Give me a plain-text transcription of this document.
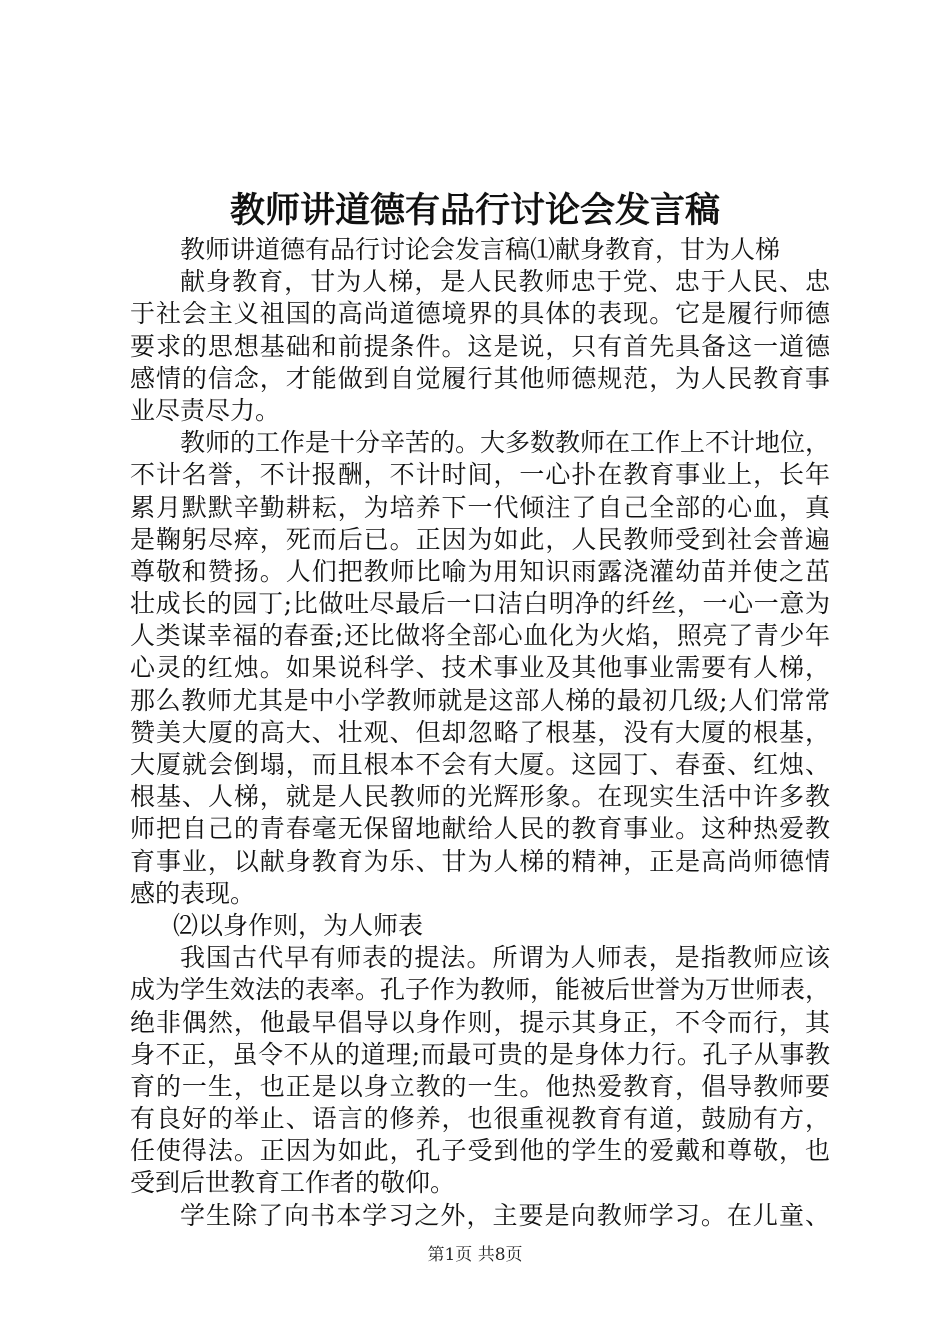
教师讲道德有品行讨论会发言稿
教师讲道德有品行讨论会发言稿⑴献身教育，甘为人梯
献身教育，甘为人梯，是人民教师忠于党、忠于人民、忠
于社会主义祖国的高尚道德境界的具体的表现。它是履行师德
要求的思想基础和前提条件。这是说，只有首先具备这一道德
感情的信念，才能做到自觉履行其他师德规范，为人民教育事
业尽责尽力。
教师的工作是十分辛苦的。大多数教师在工作上不计地位，
不计名誉，不计报酬，不计时间，一心扑在教育事业上，长年
累月默默辛勤耕耘，为培养下一代倾注了自己全部的心血，真
是鞠躬尽瘁，死而后已。正因为如此，人民教师受到社会普遍
尊敬和赞扬。人们把教师比喻为用知识雨露浇灌幼苗并使之茁
壮成长的园丁;比做吐尽最后一口洁白明净的纤丝，一心一意为
人类谋幸福的春蚕;还比做将全部心血化为火焰，照亮了青少年
心灵的红烛。如果说科学、技术事业及其他事业需要有人梯，
那么教师尤其是中小学教师就是这部人梯的最初几级;人们常常
赞美大厦的高大、壮观、但却忽略了根基，没有大厦的根基，
大厦就会倒塌，而且根本不会有大厦。这园丁、春蚕、红烛、
根基、人梯，就是人民教师的光辉形象。在现实生活中许多教
师把自己的青春毫无保留地献给人民的教育事业。这种热爱教
育事业，以献身教育为乐、甘为人梯的精神，正是高尚师德情
感的表现。
⑵以身作则，为人师表
我国古代早有师表的提法。所谓为人师表，是指教师应该
成为学生效法的表率。孔子作为教师，能被后世誉为万世师表，
绝非偶然，他最早倡导以身作则，提示其身正，不令而行，其
身不正，虽令不从的道理;而最可贵的是身体力行。孔子从事教
育的一生，也正是以身立教的一生。他热爱教育，倡导教师要
有良好的举止、语言的修养，也很重视教育有道，鼓励有方，
任使得法。正因为如此，孔子受到他的学生的爱戴和尊敬，也
受到后世教育工作者的敬仰。
学生除了向书本学习之外，主要是向教师学习。在儿童、
第1页 共8页
